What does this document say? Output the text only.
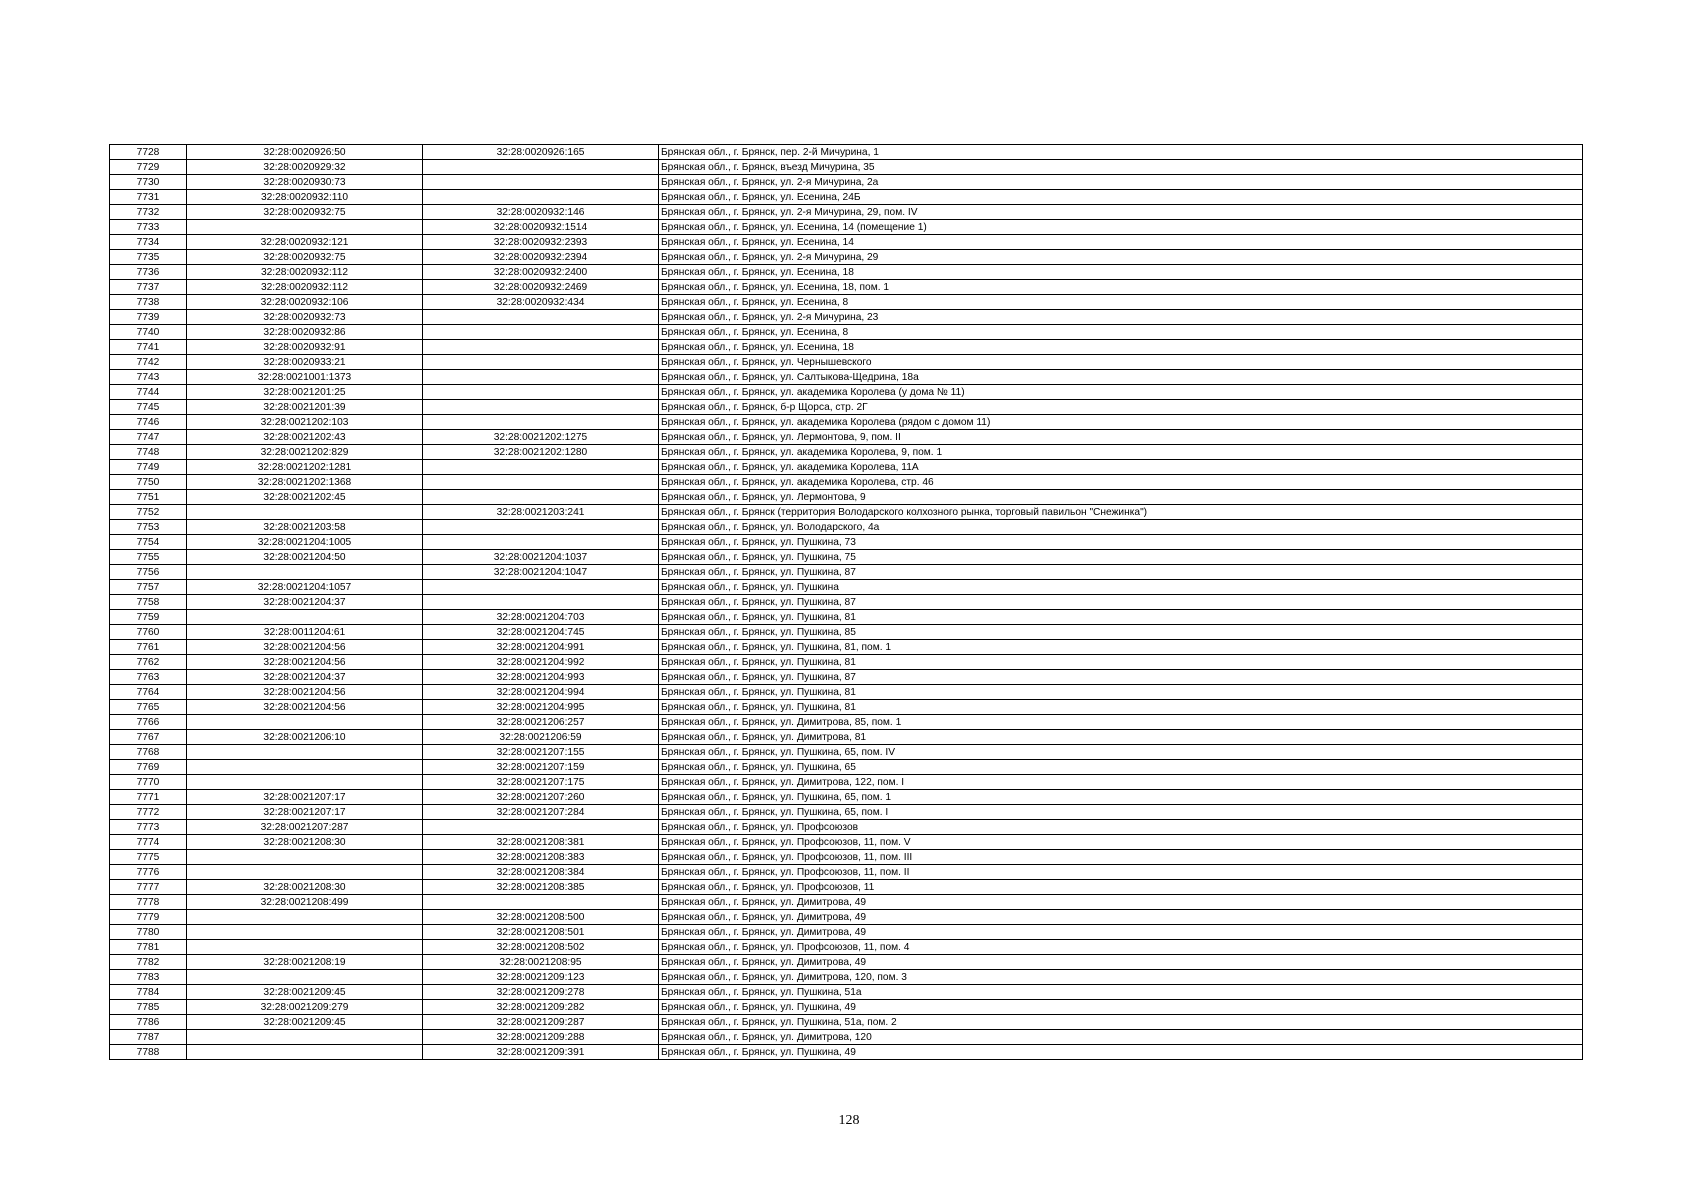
7728	32:28:0020926:50	32:28:0020926:165	Брянская обл., г. Брянск, пер. 2-й Мичурина, 1
7729	32:28:0020929:32		Брянская обл., г. Брянск, въезд Мичурина, 35
7730	32:28:0020930:73		Брянская обл., г. Брянск, ул. 2-я Мичурина, 2а
7731	32:28:0020932:110		Брянская обл., г. Брянск, ул. Есенина, 24Б
7732	32:28:0020932:75	32:28:0020932:146	Брянская обл., г. Брянск, ул. 2-я Мичурина, 29, пом. IV
7733		32:28:0020932:1514	Брянская обл., г. Брянск, ул. Есенина, 14 (помещение 1)
7734	32:28:0020932:121	32:28:0020932:2393	Брянская обл., г. Брянск, ул. Есенина, 14
7735	32:28:0020932:75	32:28:0020932:2394	Брянская обл., г. Брянск, ул. 2-я Мичурина, 29
7736	32:28:0020932:112	32:28:0020932:2400	Брянская обл., г. Брянск, ул. Есенина, 18
7737	32:28:0020932:112	32:28:0020932:2469	Брянская обл., г. Брянск, ул. Есенина, 18, пом. 1
7738	32:28:0020932:106	32:28:0020932:434	Брянская обл., г. Брянск, ул. Есенина, 8
7739	32:28:0020932:73		Брянская обл., г. Брянск, ул. 2-я Мичурина, 23
7740	32:28:0020932:86		Брянская обл., г. Брянск, ул. Есенина, 8
7741	32:28:0020932:91		Брянская обл., г. Брянск, ул. Есенина, 18
7742	32:28:0020933:21		Брянская обл., г. Брянск, ул. Чернышевского
7743	32:28:0021001:1373		Брянская обл., г. Брянск, ул. Салтыкова-Щедрина, 18а
7744	32:28:0021201:25		Брянская обл., г. Брянск, ул. академика Королева (у дома № 11)
7745	32:28:0021201:39		Брянская обл., г. Брянск, б-р Щорса, стр. 2Г
7746	32:28:0021202:103		Брянская обл., г. Брянск, ул. академика Королева (рядом с домом 11)
7747	32:28:0021202:43	32:28:0021202:1275	Брянская обл., г. Брянск, ул. Лермонтова, 9, пом. II
7748	32:28:0021202:829	32:28:0021202:1280	Брянская обл., г. Брянск, ул. академика Королева, 9, пом. 1
7749	32:28:0021202:1281		Брянская обл., г. Брянск, ул. академика Королева, 11А
7750	32:28:0021202:1368		Брянская обл., г. Брянск, ул. академика Королева, стр. 46
7751	32:28:0021202:45		Брянская обл., г. Брянск, ул. Лермонтова, 9
7752		32:28:0021203:241	Брянская обл., г. Брянск (территория Володарского колхозного рынка, торговый павильон "Снежинка")
7753	32:28:0021203:58		Брянская обл., г. Брянск, ул. Володарского, 4а
7754	32:28:0021204:1005		Брянская обл., г. Брянск, ул. Пушкина, 73
7755	32:28:0021204:50	32:28:0021204:1037	Брянская обл., г. Брянск, ул. Пушкина, 75
7756		32:28:0021204:1047	Брянская обл., г. Брянск, ул. Пушкина, 87
7757	32:28:0021204:1057		Брянская обл., г. Брянск, ул. Пушкина
7758	32:28:0021204:37		Брянская обл., г. Брянск, ул. Пушкина, 87
7759		32:28:0021204:703	Брянская обл., г. Брянск, ул. Пушкина, 81
7760	32:28:0011204:61	32:28:0021204:745	Брянская обл., г. Брянск, ул. Пушкина, 85
7761	32:28:0021204:56	32:28:0021204:991	Брянская обл., г. Брянск, ул. Пушкина, 81, пом. 1
7762	32:28:0021204:56	32:28:0021204:992	Брянская обл., г. Брянск, ул. Пушкина, 81
7763	32:28:0021204:37	32:28:0021204:993	Брянская обл., г. Брянск, ул. Пушкина, 87
7764	32:28:0021204:56	32:28:0021204:994	Брянская обл., г. Брянск, ул. Пушкина, 81
7765	32:28:0021204:56	32:28:0021204:995	Брянская обл., г. Брянск, ул. Пушкина, 81
7766		32:28:0021206:257	Брянская обл., г. Брянск, ул. Димитрова, 85, пом. 1
7767	32:28:0021206:10	32:28:0021206:59	Брянская обл., г. Брянск, ул. Димитрова, 81
7768		32:28:0021207:155	Брянская обл., г. Брянск, ул. Пушкина, 65, пом. IV
7769		32:28:0021207:159	Брянская обл., г. Брянск, ул. Пушкина, 65
7770		32:28:0021207:175	Брянская обл., г. Брянск, ул. Димитрова, 122, пом. I
7771	32:28:0021207:17	32:28:0021207:260	Брянская обл., г. Брянск, ул. Пушкина, 65, пом. 1
7772	32:28:0021207:17	32:28:0021207:284	Брянская обл., г. Брянск, ул. Пушкина, 65, пом. I
7773	32:28:0021207:287		Брянская обл., г. Брянск, ул. Профсоюзов
7774	32:28:0021208:30	32:28:0021208:381	Брянская обл., г. Брянск, ул. Профсоюзов, 11, пом. V
7775		32:28:0021208:383	Брянская обл., г. Брянск, ул. Профсоюзов, 11, пом. III
7776		32:28:0021208:384	Брянская обл., г. Брянск, ул. Профсоюзов, 11, пом. II
7777	32:28:0021208:30	32:28:0021208:385	Брянская обл., г. Брянск, ул. Профсоюзов, 11
7778	32:28:0021208:499		Брянская обл., г. Брянск, ул. Димитрова, 49
7779		32:28:0021208:500	Брянская обл., г. Брянск, ул. Димитрова, 49
7780		32:28:0021208:501	Брянская обл., г. Брянск, ул. Димитрова, 49
7781		32:28:0021208:502	Брянская обл., г. Брянск, ул. Профсоюзов, 11, пом. 4
7782	32:28:0021208:19	32:28:0021208:95	Брянская обл., г. Брянск, ул. Димитрова, 49
7783		32:28:0021209:123	Брянская обл., г. Брянск, ул. Димитрова, 120, пом. 3
7784	32:28:0021209:45	32:28:0021209:278	Брянская обл., г. Брянск, ул. Пушкина, 51а
7785	32:28:0021209:279	32:28:0021209:282	Брянская обл., г. Брянск, ул. Пушкина, 49
7786	32:28:0021209:45	32:28:0021209:287	Брянская обл., г. Брянск, ул. Пушкина, 51а, пом. 2
7787		32:28:0021209:288	Брянская обл., г. Брянск, ул. Димитрова, 120
7788		32:28:0021209:391	Брянская обл., г. Брянск, ул. Пушкина, 49
128
